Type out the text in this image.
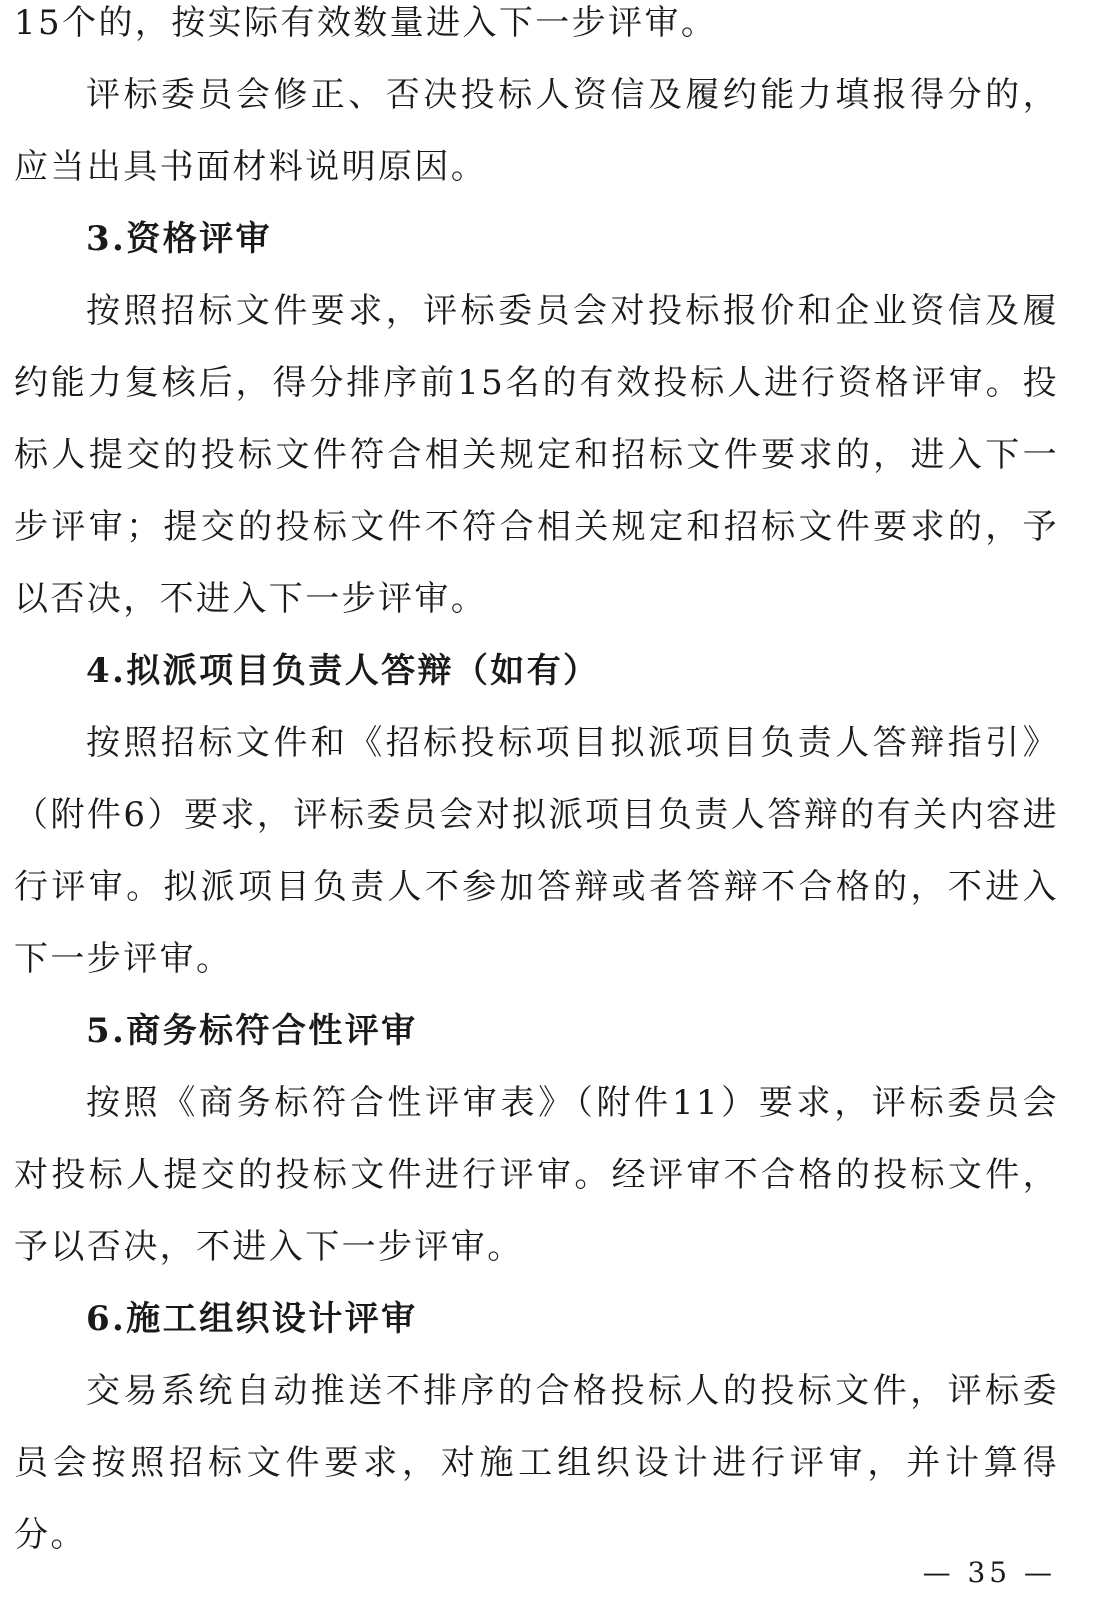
15个的，按实际有效数量进入下一步评审。

评标委员会修正、否决投标人资信及履约能力填报得分的，应当出具书面材料说明原因。

3.资格评审

按照招标文件要求，评标委员会对投标报价和企业资信及履约能力复核后，得分排序前15名的有效投标人进行资格评审。投标人提交的投标文件符合相关规定和招标文件要求的，进入下一步评审；提交的投标文件不符合相关规定和招标文件要求的，予以否决，不进入下一步评审。

4.拟派项目负责人答辩（如有）

按照招标文件和《招标投标项目拟派项目负责人答辩指引》（附件6）要求，评标委员会对拟派项目负责人答辩的有关内容进行评审。拟派项目负责人不参加答辩或者答辩不合格的，不进入下一步评审。

5.商务标符合性评审

按照《商务标符合性评审表》（附件11）要求，评标委员会对投标人提交的投标文件进行评审。经评审不合格的投标文件，予以否决，不进入下一步评审。

6.施工组织设计评审

交易系统自动推送不排序的合格投标人的投标文件，评标委员会按照招标文件要求，对施工组织设计进行评审，并计算得分。

— 35 —
